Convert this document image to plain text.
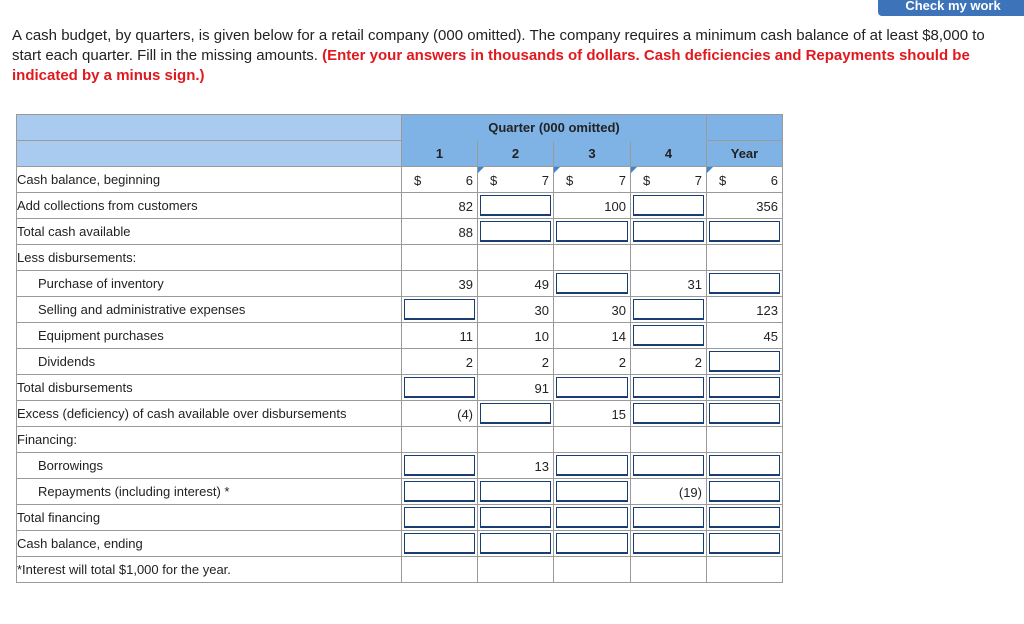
Check my work
A cash budget, by quarters, is given below for a retail company (000 omitted). The company requires a minimum cash balance of at least $8,000 to start each quarter. Fill in the missing amounts. (Enter your answers in thousands of dollars. Cash deficiencies and Repayments should be indicated by a minus sign.)
	Quarter (000 omitted)				
	1	2	3	4	Year
Cash balance, beginning	$ 6	$ 7	$ 7	$ 7	$ 6

Add collections from customers	82		100		356

Total cash available	88				

Less disbursements:					
Purchase of inventory	39	49		31	

Selling and administrative expenses		30	30		123

Equipment purchases	11	10	14		45

Dividends	2	2	2	2	

Total disbursements		91			

Excess (deficiency) of cash available over disbursements	(4)		15		

Financing:					
Borrowings		13			

Repayments (including interest) *				(19)	

Total financing	

Cash balance, ending	

*Interest will total $1,000 for the year.					
